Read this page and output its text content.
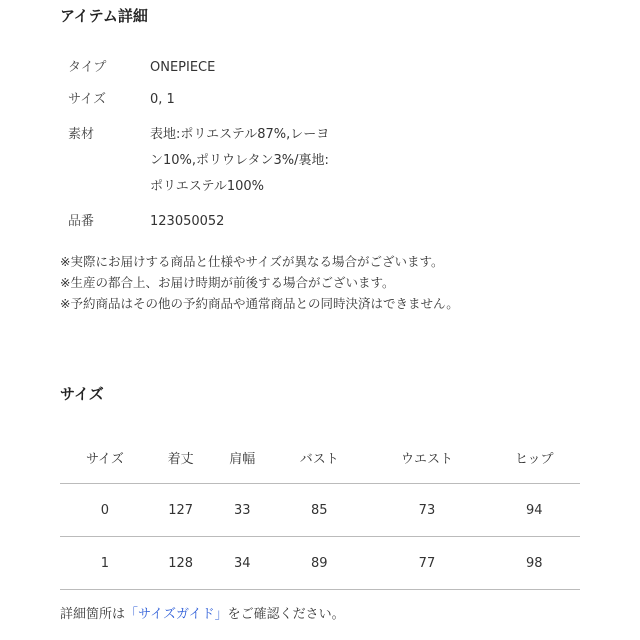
アイテム詳細
タイプ	ONEPIECE
サイズ	0, 1
素材	表地:ポリエステル87%,レーヨ
ン10%,ポリウレタン3%/裏地:
ポリエステル100%
品番	123050052
※実際にお届けする商品と仕様やサイズが異なる場合がございます。
※生産の都合上、お届け時期が前後する場合がございます。
※予約商品はその他の予約商品や通常商品との同時決済はできません。
サイズ
サイズ	着丈	肩幅	バスト	ウエスト	ヒップ
0	127	33	85	73	94
1	128	34	89	77	98
詳細箇所は「サイズガイド」をご確認ください。
